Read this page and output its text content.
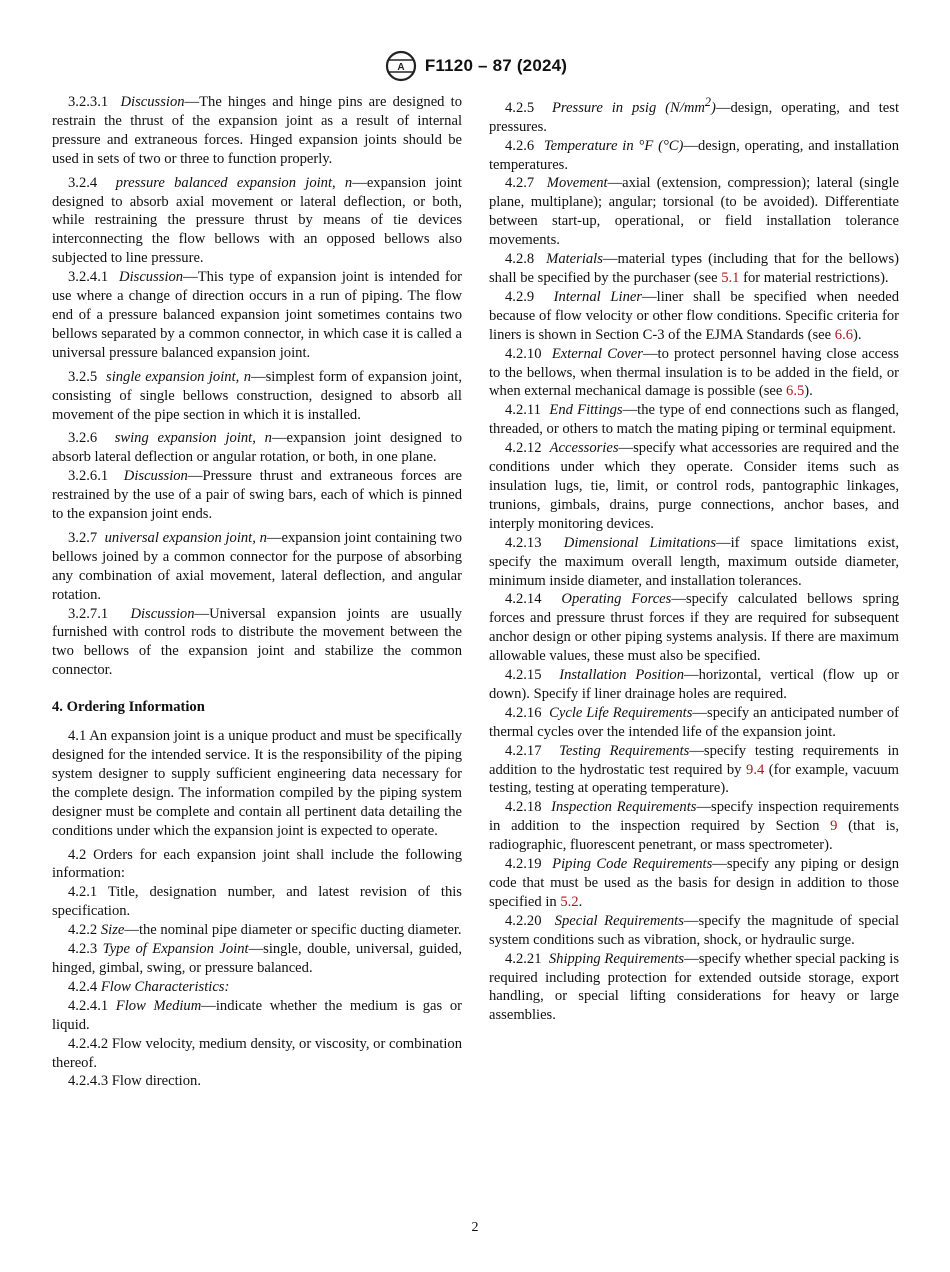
A F1120 – 87 (2024)

3.2.3.1 Discussion—The hinges and hinge pins are designed to restrain the thrust of the expansion joint as a result of internal pressure and extraneous forces. Hinged expansion joints should be used in sets of two or three to function properly.

3.2.4 pressure balanced expansion joint, n—expansion joint designed to absorb axial movement or lateral deflection, or both, while restraining the pressure thrust by means of tie devices interconnecting the flow bellows with an opposed bellows also subjected to line pressure.

3.2.4.1 Discussion—This type of expansion joint is intended for use where a change of direction occurs in a run of piping. The flow end of a pressure balanced expansion joint sometimes contains two bellows separated by a common connector, in which case it is called a universal pressure balanced expansion joint.

3.2.5 single expansion joint, n—simplest form of expansion joint, consisting of single bellows construction, designed to absorb all movement of the pipe section in which it is installed.

3.2.6 swing expansion joint, n—expansion joint designed to absorb lateral deflection or angular rotation, or both, in one plane.

3.2.6.1 Discussion—Pressure thrust and extraneous forces are restrained by the use of a pair of swing bars, each of which is pinned to the expansion joint ends.

3.2.7 universal expansion joint, n—expansion joint containing two bellows joined by a common connector for the purpose of absorbing any combination of axial movement, lateral deflection, and angular rotation.

3.2.7.1 Discussion—Universal expansion joints are usually furnished with control rods to distribute the movement between the two bellows of the expansion joint and stabilize the common connector.

4. Ordering Information

4.1 An expansion joint is a unique product and must be specifically designed for the intended service. It is the responsibility of the piping system designer to supply sufficient engineering data necessary for the complete design. The information compiled by the piping system designer must be complete and contain all pertinent data detailing the conditions under which the expansion joint is expected to operate.

4.2 Orders for each expansion joint shall include the following information:

4.2.1 Title, designation number, and latest revision of this specification.

4.2.2 Size—the nominal pipe diameter or specific ducting diameter.

4.2.3 Type of Expansion Joint—single, double, universal, guided, hinged, gimbal, swing, or pressure balanced.

4.2.4 Flow Characteristics:

4.2.4.1 Flow Medium—indicate whether the medium is gas or liquid.

4.2.4.2 Flow velocity, medium density, or viscosity, or combination thereof.

4.2.4.3 Flow direction.

4.2.5 Pressure in psig $(N/mm^2)—design$, operating, and test pressures.

4.2.6 Temperature in °F (°C)—design, operating, and installation temperatures.

4.2.7 Movement—axial (extension, compression); lateral (single plane, multiplane); angular; torsional (to be avoided). Differentiate between start-up, operational, or field installation tolerance movements.

4.2.8 Materials—material types (including that for the bellows) shall be specified by the purchaser (see 5.1 for material restrictions).

4.2.9 Internal Liner—liner shall be specified when needed because of flow velocity or other flow conditions. Specific criteria for liners is shown in Section C-3 of the EJMA Standards (see 6.6).

4.2.10 External Cover—to protect personnel having close access to the bellows, when thermal insulation is to be added in the field, or when external mechanical damage is possible (see 6.5).

4.2.11 End Fittings—the type of end connections such as flanged, threaded, or others to match the mating piping or terminal equipment.

4.2.12 Accessories—specify what accessories are required and the conditions under which they operate. Consider items such as insulation lugs, tie, limit, or control rods, pantographic linkages, trunions, gimbals, drains, purge connections, anchor bases, and interply monitoring devices.

4.2.13 Dimensional Limitations—if space limitations exist, specify the maximum overall length, maximum outside diameter, minimum inside diameter, and installation tolerances.

4.2.14 Operating Forces—specify calculated bellows spring forces and pressure thrust forces if they are required for subsequent anchor design or other piping systems analysis. If there are maximum allowable values, these must also be specified.

4.2.15 Installation Position—horizontal, vertical (flow up or down). Specify if liner drainage holes are required.

4.2.16 Cycle Life Requirements—specify an anticipated number of thermal cycles over the intended life of the expansion joint.

4.2.17 Testing Requirements—specify testing requirements in addition to the hydrostatic test required by 9.4 (for example, vacuum testing, testing at operating temperature).

4.2.18 Inspection Requirements—specify inspection requirements in addition to the inspection required by Section 9 (that is, radiographic, fluorescent penetrant, or mass spectrometer).

4.2.19 Piping Code Requirements—specify any piping or design code that must be used as the basis for design in addition to those specified in 5.2.

4.2.20 Special Requirements—specify the magnitude of special system conditions such as vibration, shock, or hydraulic surge.

4.2.21 Shipping Requirements—specify whether special packing is required including protection for extended outside storage, export handling, or special lifting considerations for heavy or large assemblies.

2
